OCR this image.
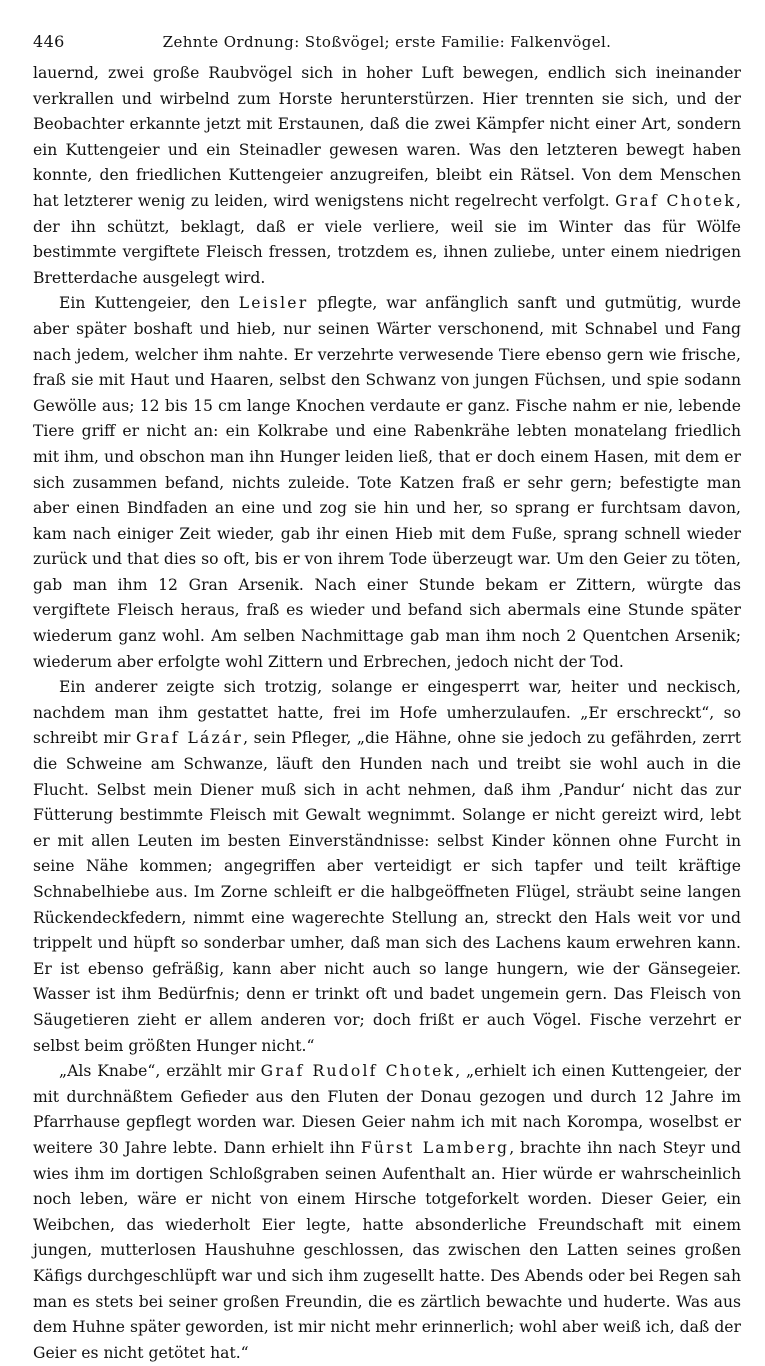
446	Zehnte Ordnung: Stoßvögel; erste Familie: Falkenvögel.

lauernd, zwei große Raubvögel sich in hoher Luft bewegen, endlich sich ineinander verkrallen und wirbelnd zum Horste herunterstürzen. Hier trennten sie sich, und der Beobachter erkannte jetzt mit Erstaunen, daß die zwei Kämpfer nicht einer Art, sondern ein Kuttengeier und ein Steinadler gewesen waren. Was den letzteren bewegt haben konnte, den friedlichen Kuttengeier anzugreifen, bleibt ein Rätsel. Von dem Menschen hat letzterer wenig zu leiden, wird wenigstens nicht regelrecht verfolgt. Graf Chotek, der ihn schützt, beklagt, daß er viele verliere, weil sie im Winter das für Wölfe bestimmte vergiftete Fleisch fressen, trotzdem es, ihnen zuliebe, unter einem niedrigen Bretterdache ausgelegt wird.

Ein Kuttengeier, den Leisler pflegte, war anfänglich sanft und gutmütig, wurde aber später boshaft und hieb, nur seinen Wärter verschonend, mit Schnabel und Fang nach jedem, welcher ihm nahte. Er verzehrte verwesende Tiere ebenso gern wie frische, fraß sie mit Haut und Haaren, selbst den Schwanz von jungen Füchsen, und spie sodann Gewölle aus; 12 bis 15 cm lange Knochen verdaute er ganz. Fische nahm er nie, lebende Tiere griff er nicht an: ein Kolkrabe und eine Rabenkrähe lebten monatelang friedlich mit ihm, und obschon man ihn Hunger leiden ließ, that er doch einem Hasen, mit dem er sich zusammen befand, nichts zuleide. Tote Katzen fraß er sehr gern; befestigte man aber einen Bindfaden an eine und zog sie hin und her, so sprang er furchtsam davon, kam nach einiger Zeit wieder, gab ihr einen Hieb mit dem Fuße, sprang schnell wieder zurück und that dies so oft, bis er von ihrem Tode überzeugt war. Um den Geier zu töten, gab man ihm 12 Gran Arsenik. Nach einer Stunde bekam er Zittern, würgte das vergiftete Fleisch heraus, fraß es wieder und befand sich abermals eine Stunde später wiederum ganz wohl. Am selben Nachmittage gab man ihm noch 2 Quentchen Arsenik; wiederum aber erfolgte wohl Zittern und Erbrechen, jedoch nicht der Tod.

Ein anderer zeigte sich trotzig, solange er eingesperrt war, heiter und neckisch, nachdem man ihm gestattet hatte, frei im Hofe umherzulaufen. „Er erschreckt“, so schreibt mir Graf Lázár, sein Pfleger, „die Hähne, ohne sie jedoch zu gefährden, zerrt die Schweine am Schwanze, läuft den Hunden nach und treibt sie wohl auch in die Flucht. Selbst mein Diener muß sich in acht nehmen, daß ihm ‚Pandur‘ nicht das zur Fütterung bestimmte Fleisch mit Gewalt wegnimmt. Solange er nicht gereizt wird, lebt er mit allen Leuten im besten Einverständnisse: selbst Kinder können ohne Furcht in seine Nähe kommen; angegriffen aber verteidigt er sich tapfer und teilt kräftige Schnabelhiebe aus. Im Zorne schleift er die halbgeöffneten Flügel, sträubt seine langen Rückendeckfedern, nimmt eine wagerechte Stellung an, streckt den Hals weit vor und trippelt und hüpft so sonderbar umher, daß man sich des Lachens kaum erwehren kann. Er ist ebenso gefräßig, kann aber nicht auch so lange hungern, wie der Gänsegeier. Wasser ist ihm Bedürfnis; denn er trinkt oft und badet ungemein gern. Das Fleisch von Säugetieren zieht er allem anderen vor; doch frißt er auch Vögel. Fische verzehrt er selbst beim größten Hunger nicht.“

„Als Knabe“, erzählt mir Graf Rudolf Chotek, „erhielt ich einen Kuttengeier, der mit durchnäßtem Gefieder aus den Fluten der Donau gezogen und durch 12 Jahre im Pfarrhause gepflegt worden war. Diesen Geier nahm ich mit nach Korompa, woselbst er weitere 30 Jahre lebte. Dann erhielt ihn Fürst Lamberg, brachte ihn nach Steyr und wies ihm im dortigen Schloßgraben seinen Aufenthalt an. Hier würde er wahrscheinlich noch leben, wäre er nicht von einem Hirsche totgeforkelt worden. Dieser Geier, ein Weibchen, das wiederholt Eier legte, hatte absonderliche Freundschaft mit einem jungen, mutterlosen Haushuhne geschlossen, das zwischen den Latten seines großen Käfigs durchgeschlüpft war und sich ihm zugesellt hatte. Des Abends oder bei Regen sah man es stets bei seiner großen Freundin, die es zärtlich bewachte und huderte. Was aus dem Huhne später geworden, ist mir nicht mehr erinnerlich; wohl aber weiß ich, daß der Geier es nicht getötet hat.“
